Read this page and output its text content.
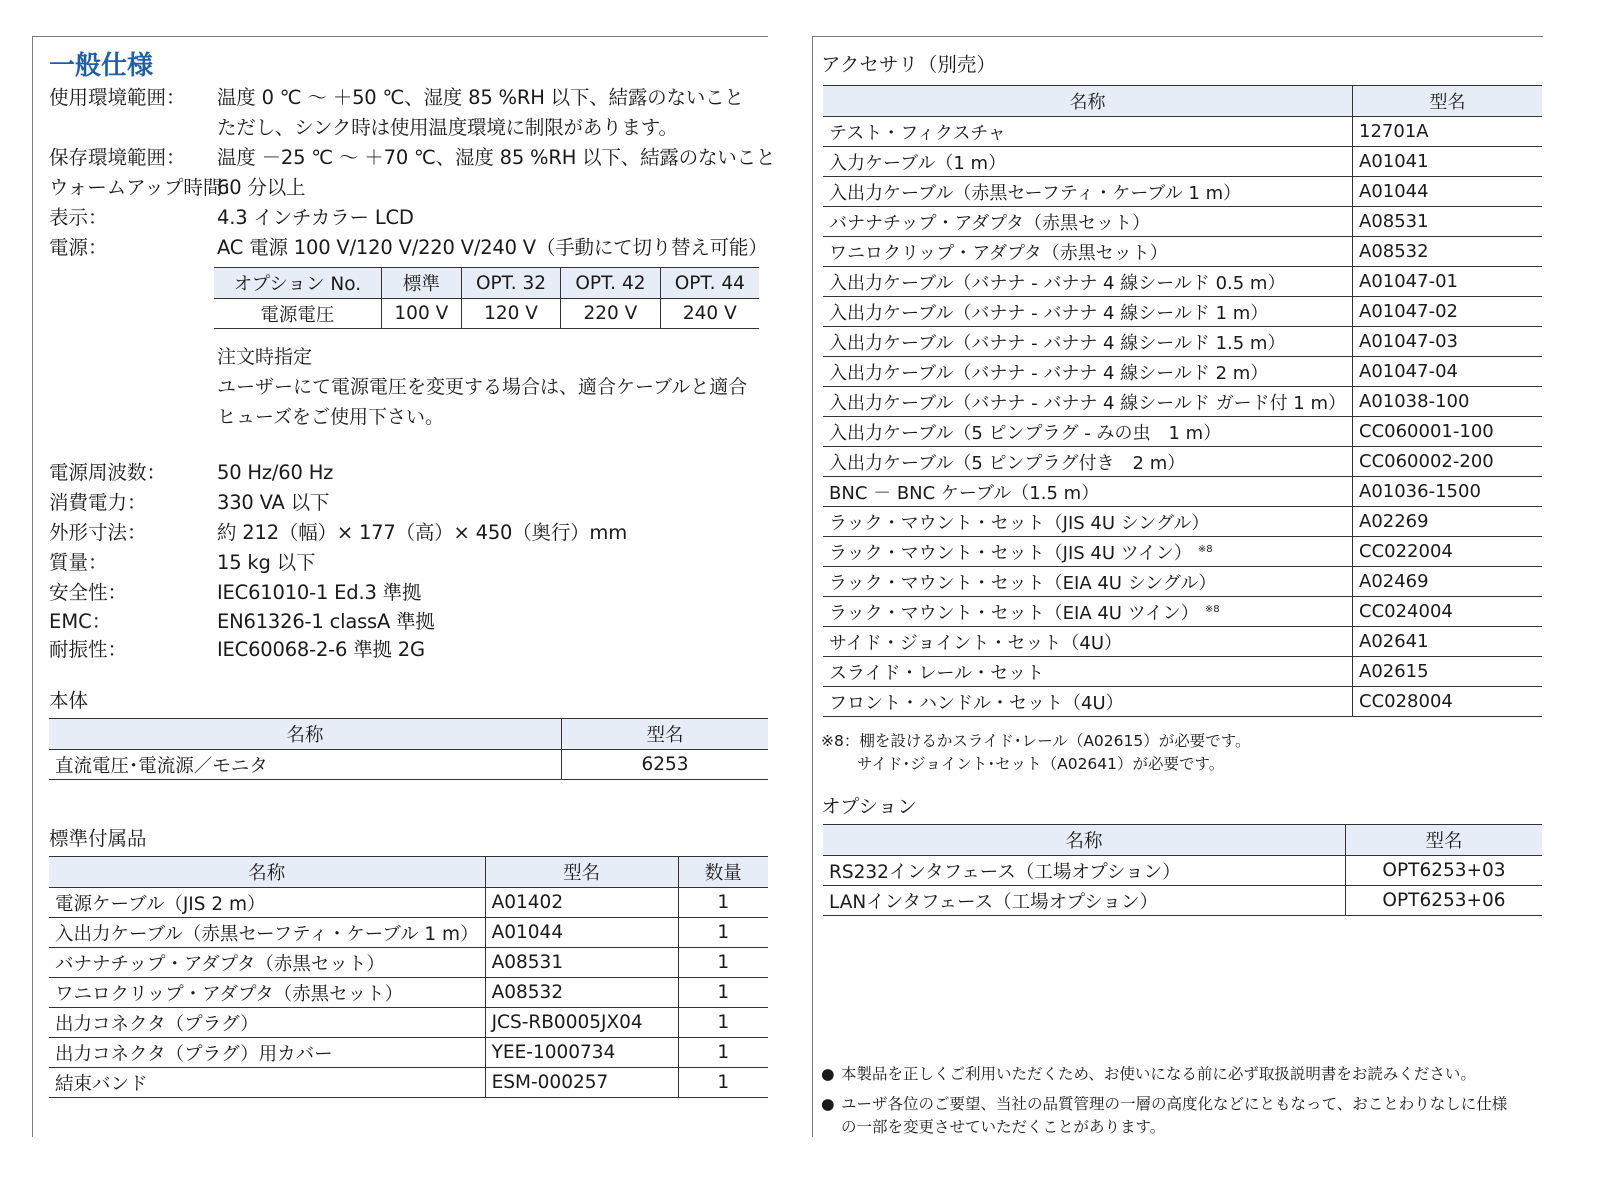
一般仕様
使用環境範囲：	温度 0 ℃ ～ ＋50 ℃、湿度 85 %RH 以下、結露のないこと
ただし、シンク時は使用温度環境に制限があります。
保存環境範囲：	温度 －25 ℃ ～ ＋70 ℃、湿度 85 %RH 以下、結露のないこと
ウォームアップ時間：
60 分以上
表示：	4.3 インチカラー LCD
電源：	AC 電源 100 V/120 V/220 V/240 V（手動にて切り替え可能）
オプション No.	標準	OPT. 32	OPT. 42	OPT. 44
電源電圧	100 V	120 V	220 V	240 V
注文時指定
ユーザーにて電源電圧を変更する場合は、適合ケーブルと適合
ヒューズをご使用下さい。
電源周波数：	50 Hz/60 Hz
消費電力：	330 VA 以下
外形寸法：	約 212（幅）× 177（高）× 450（奥行）mm
質量：	15 kg 以下
安全性：	IEC61010-1 Ed.3 準拠
EMC：	EN61326-1 classA 準拠
耐振性：	IEC60068-2-6 準拠 2G
本体
名称	型名
直流電圧･電流源／モニタ	6253
標準付属品
名称	型名	数量
電源ケーブル（JIS 2 m）	A01402	1
入出力ケーブル（赤黒セーフティ・ケーブル 1 m）	A01044	1
バナナチップ・アダプタ（赤黒セット）	A08531	1
ワニロクリップ・アダプタ（赤黒セット）	A08532	1
出力コネクタ（プラグ）	JCS-RB0005JX04	1
出力コネクタ（プラグ）用カバー	YEE-1000734	1
結束バンド	ESM-000257	1
アクセサリ（別売）
名称	型名
テスト・フィクスチャ	12701A
入力ケーブル（1 m）	A01041
入出力ケーブル（赤黒セーフティ・ケーブル 1 m）	A01044
バナナチップ・アダプタ（赤黒セット）	A08531
ワニロクリップ・アダプタ（赤黒セット）	A08532
入出力ケーブル（バナナ - バナナ 4 線シールド 0.5 m）	A01047-01
入出力ケーブル（バナナ - バナナ 4 線シールド 1 m）	A01047-02
入出力ケーブル（バナナ - バナナ 4 線シールド 1.5 m）	A01047-03
入出力ケーブル（バナナ - バナナ 4 線シールド 2 m）	A01047-04
入出力ケーブル（バナナ - バナナ 4 線シールド ガード付 1 m）	A01038-100
入出力ケーブル（5 ピンプラグ - みの虫　1 m）	CC060001-100
入出力ケーブル（5 ピンプラグ付き　2 m）	CC060002-200
BNC － BNC ケーブル（1.5 m）	A01036-1500
ラック・マウント・セット（JIS 4U シングル）	A02269
ラック・マウント・セット（JIS 4U ツイン） $^{※8}$	CC022004
ラック・マウント・セット（EIA 4U シングル）	A02469
ラック・マウント・セット（EIA 4U ツイン） $^{※8}$	CC024004
サイド・ジョイント・セット（4U）	A02641
スライド・レール・セット	A02615
フロント・ハンドル・セット（4U）	CC028004
※8：棚を設けるかスライド･レール（A02615）が必要です。
サイド･ジョイント･セット（A02641）が必要です。
オプション
名称	型名
RS232インタフェース（工場オプション）	OPT6253+03
LANインタフェース（工場オプション）	OPT6253+06
● 本製品を正しくご利用いただくため、お使いになる前に必ず取扱説明書をお読みください。
● ユーザ各位のご要望、当社の品質管理の一層の高度化などにともなって、おことわりなしに仕様
の一部を変更させていただくことがあります。
